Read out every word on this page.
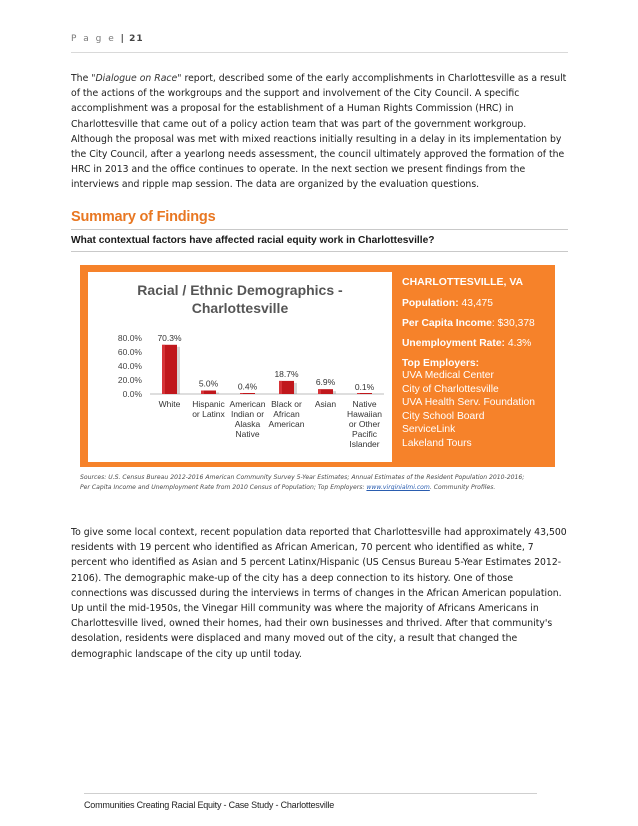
P a g e | 21

The "Dialogue on Race" report, described some of the early accomplishments in Charlottesville as a result of the actions of the workgroups and the support and involvement of the City Council. A specific accomplishment was a proposal for the establishment of a Human Rights Commission (HRC) in Charlottesville that came out of a policy action team that was part of the government workgroup. Although the proposal was met with mixed reactions initially resulting in a delay in its implementation by the City Council, after a yearlong needs assessment, the council ultimately approved the formation of the HRC in 2013 and the office continues to operate. In the next section we present findings from the interviews and ripple map session. The data are organized by the evaluation questions.

Summary of Findings

What contextual factors have affected racial equity work in Charlottesville?

0.0%
20.0%
40.0%
60.0%
80.0% 70.3%
White
5.0%
Hispanic
or Latinx
0.4%
American
Indian or
Alaska
Native
18.7%
Black or
African
American
6.9%
Asian
0.1%
Native
Hawaiian
or Other
Pacific
Islander
Racial / Ethnic Demographics -
Charlottesville

CHARLOTTESVILLE, VA

Population: 43,475

Per Capita Income: $30,378

Unemployment Rate: 4.3%

Top Employers:

UVA Medical Center
City of Charlottesville
UVA Health Serv. Foundation
City School Board
ServiceLink
Lakeland Tours

Sources: U.S. Census Bureau 2012-2016 American Community Survey 5-Year Estimates; Annual Estimates of the Resident Population 2010-2016;
Per Capita Income and Unemployment Rate from 2010 Census of Population; Top Employers: www.virginialmi.com. Community Profiles.

To give some local context, recent population data reported that Charlottesville had approximately 43,500 residents with 19 percent who identified as African American, 70 percent who identified as white, 7 percent who identified as Asian and 5 percent Latinx/Hispanic (US Census Bureau 5-Year Estimates 2012-2106). The demographic make-up of the city has a deep connection to its history. One of those connections was discussed during the interviews in terms of changes in the African American population. Up until the mid-1950s, the Vinegar Hill community was where the majority of Africans Americans in Charlottesville lived, owned their homes, had their own businesses and thrived. After that community's desolation, residents were displaced and many moved out of the city, a result that changed the demographic landscape of the city up until today.

Communities Creating Racial Equity - Case Study - Charlottesville
